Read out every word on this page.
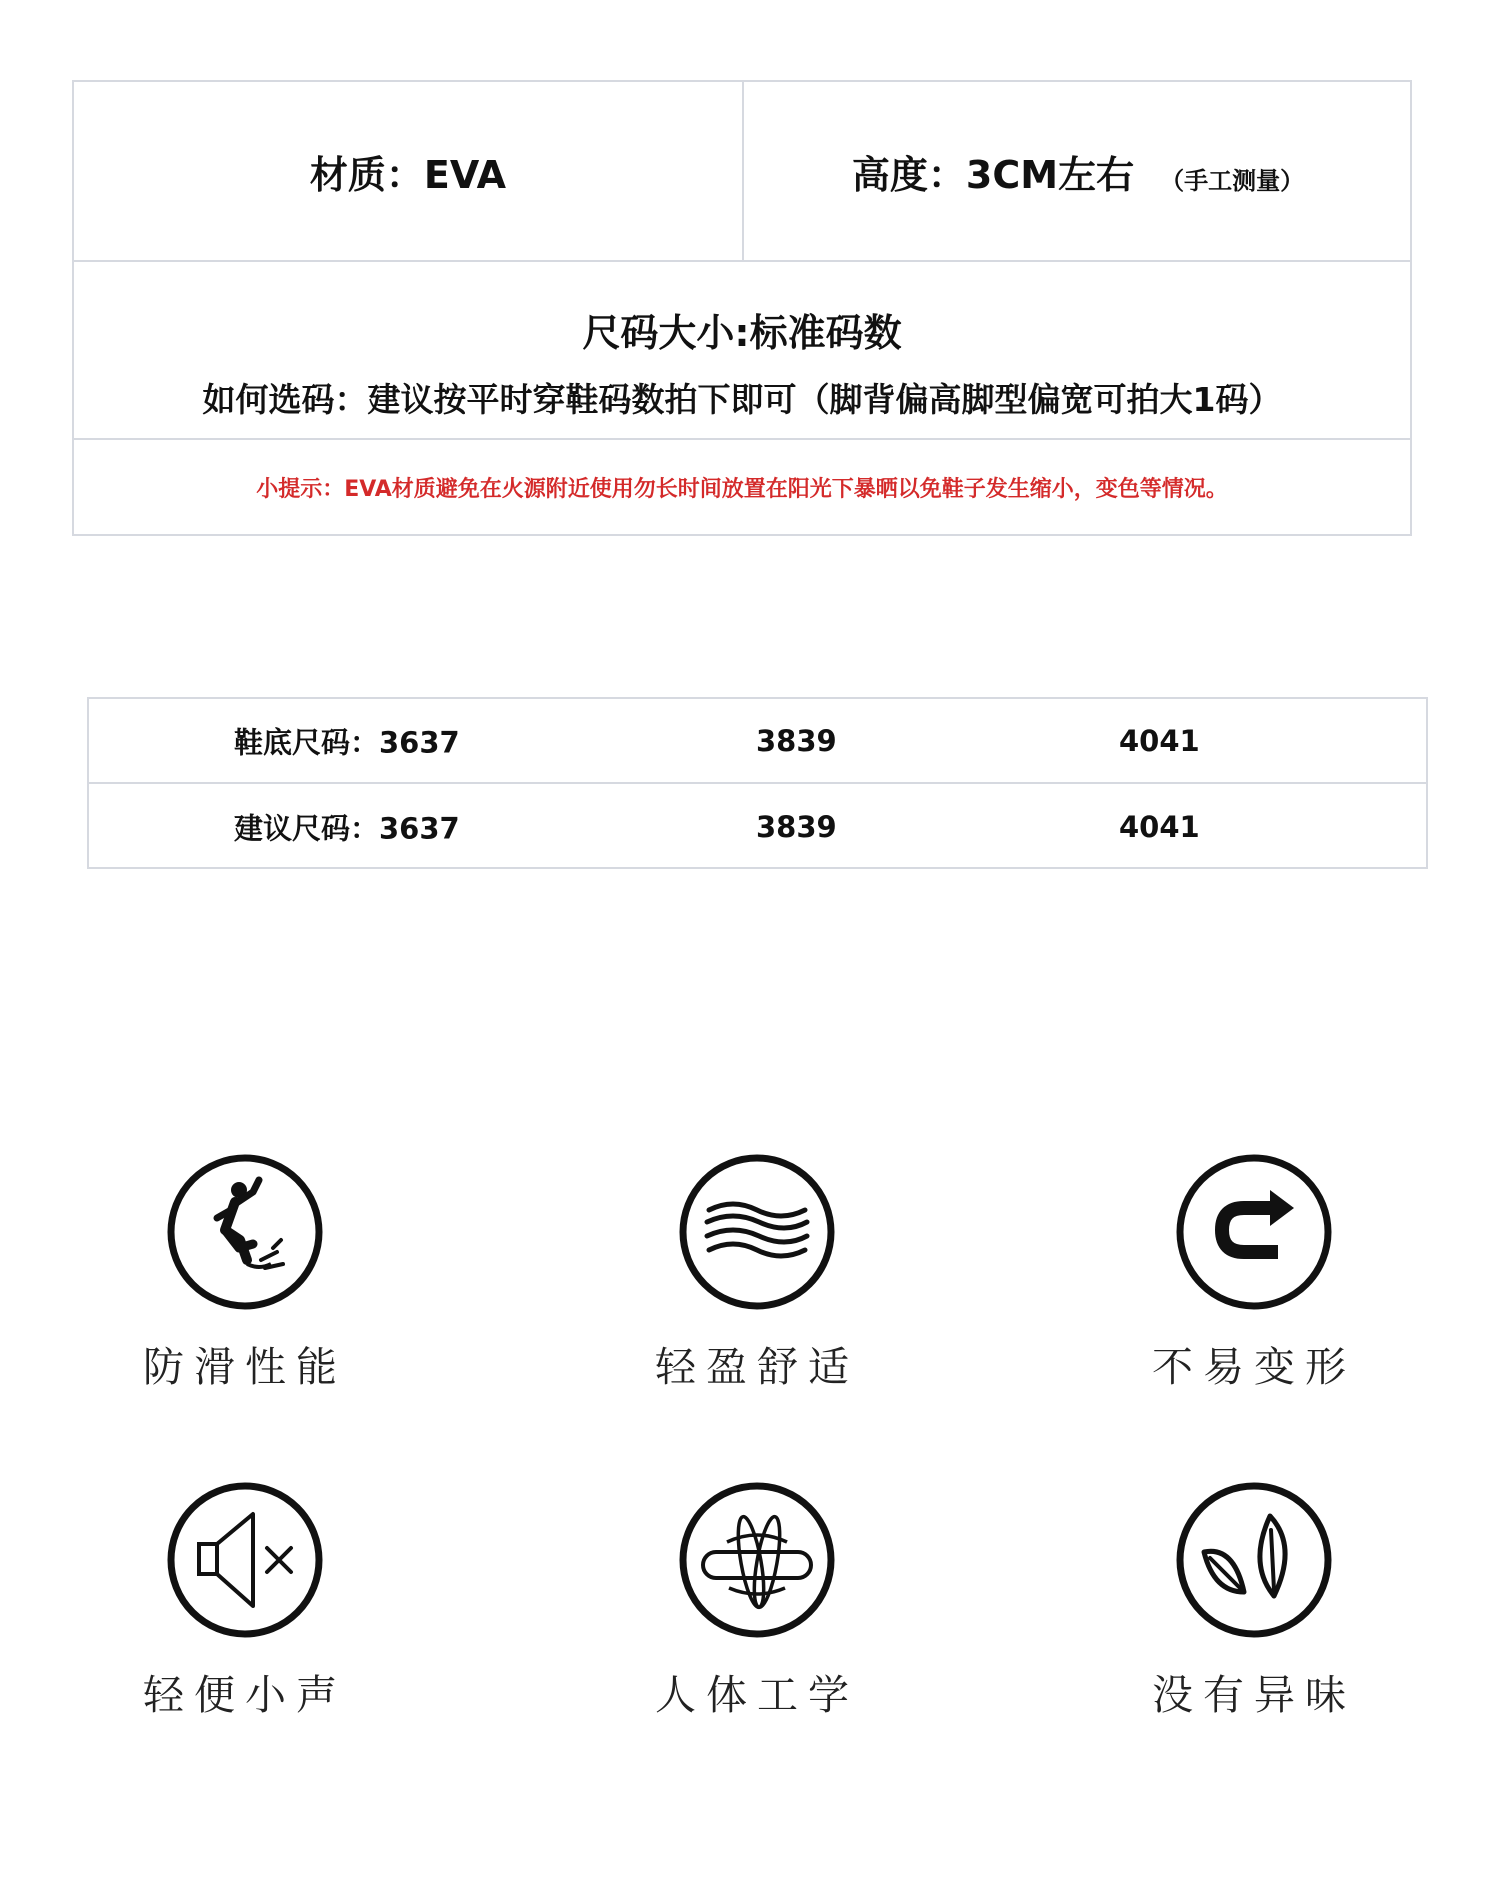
材质：EVA	高度：3CM左右 （手工测量）
尺码大小:标准码数
如何选码：建议按平时穿鞋码数拍下即可（脚背偏高脚型偏宽可拍大1码）
小提示：EVA材质避免在火源附近使用勿长时间放置在阳光下暴晒以免鞋子发生缩小，变色等情况。
鞋底尺码：3637	3839	4041
建议尺码：3637	3839	4041
防滑性能	轻盈舒适	不易变形
轻便小声	人体工学	没有异味
